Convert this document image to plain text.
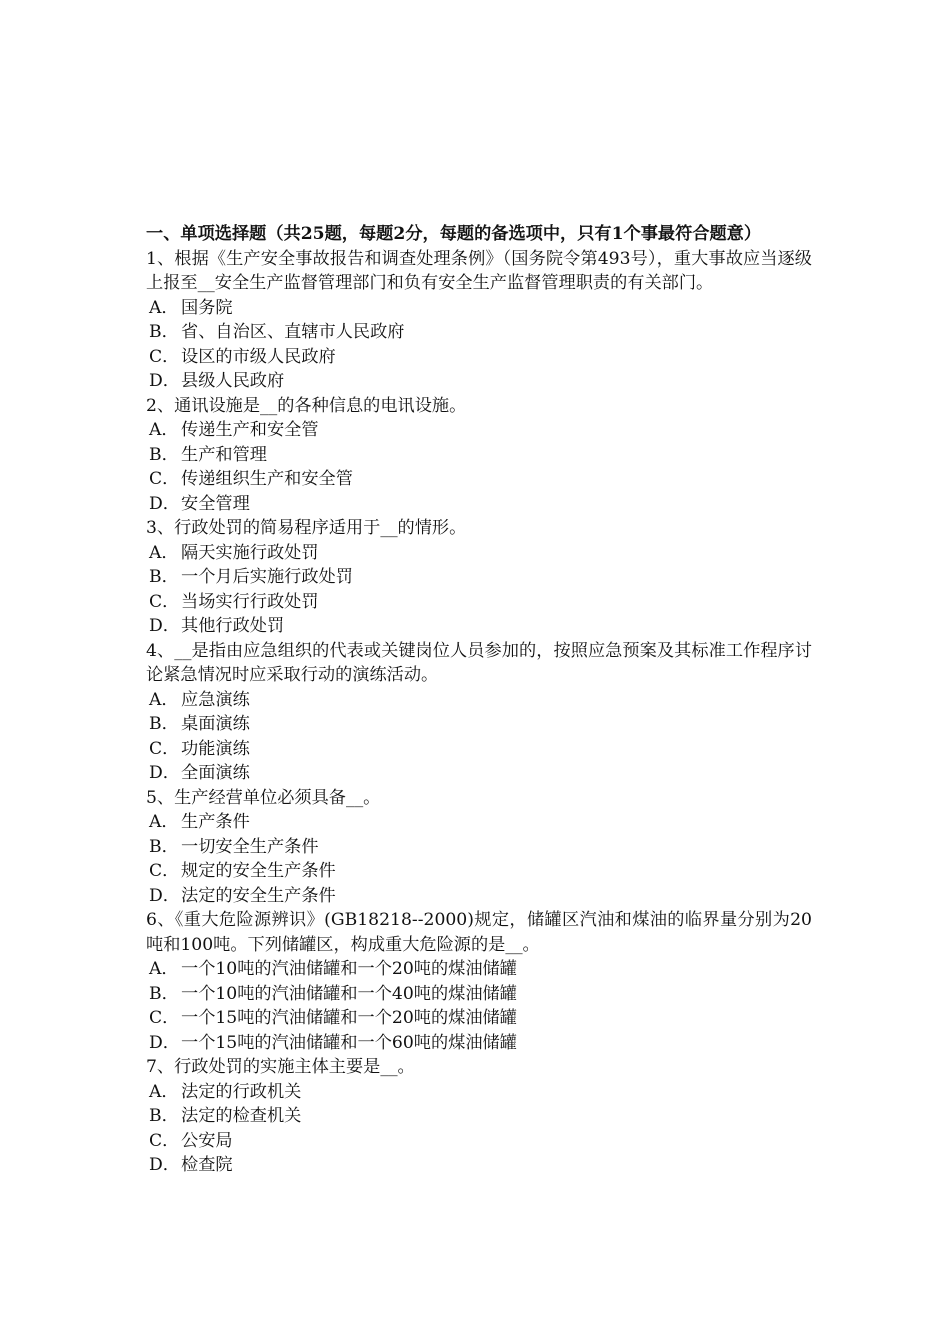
一、单项选择题（共25题，每题2分，每题的备选项中，只有1个事最符合题意）

1、根据《生产安全事故报告和调查处理条例》（国务院令第493号），重大事故应当逐级上报至__安全生产监督管理部门和负有安全生产监督管理职责的有关部门。

A． 国务院
B． 省、自治区、直辖市人民政府
C．设区的市级人民政府
D．县级人民政府

2、通讯设施是__的各种信息的电讯设施。

A． 传递生产和安全管
B． 生产和管理
C．传递组织生产和安全管
D．安全管理

3、行政处罚的简易程序适用于__的情形。

A． 隔天实施行政处罚
B． 一个月后实施行政处罚
C．当场实行行政处罚
D．其他行政处罚

4、__是指由应急组织的代表或关键岗位人员参加的，按照应急预案及其标准工作程序讨论紧急情况时应采取行动的演练活动。

A． 应急演练
B． 桌面演练
C．功能演练
D．全面演练

5、生产经营单位必须具备__。

A． 生产条件
B． 一切安全生产条件
C．规定的安全生产条件
D．法定的安全生产条件

6、《重大危险源辨识》(GB18218--2000)规定，储罐区汽油和煤油的临界量分别为20吨和100吨。下列储罐区，构成重大危险源的是__。

A． 一个10吨的汽油储罐和一个20吨的煤油储罐
B． 一个10吨的汽油储罐和一个40吨的煤油储罐
C．一个15吨的汽油储罐和一个20吨的煤油储罐
D．一个15吨的汽油储罐和一个60吨的煤油储罐

7、行政处罚的实施主体主要是__。

A． 法定的行政机关
B． 法定的检查机关
C．公安局
D．检查院
